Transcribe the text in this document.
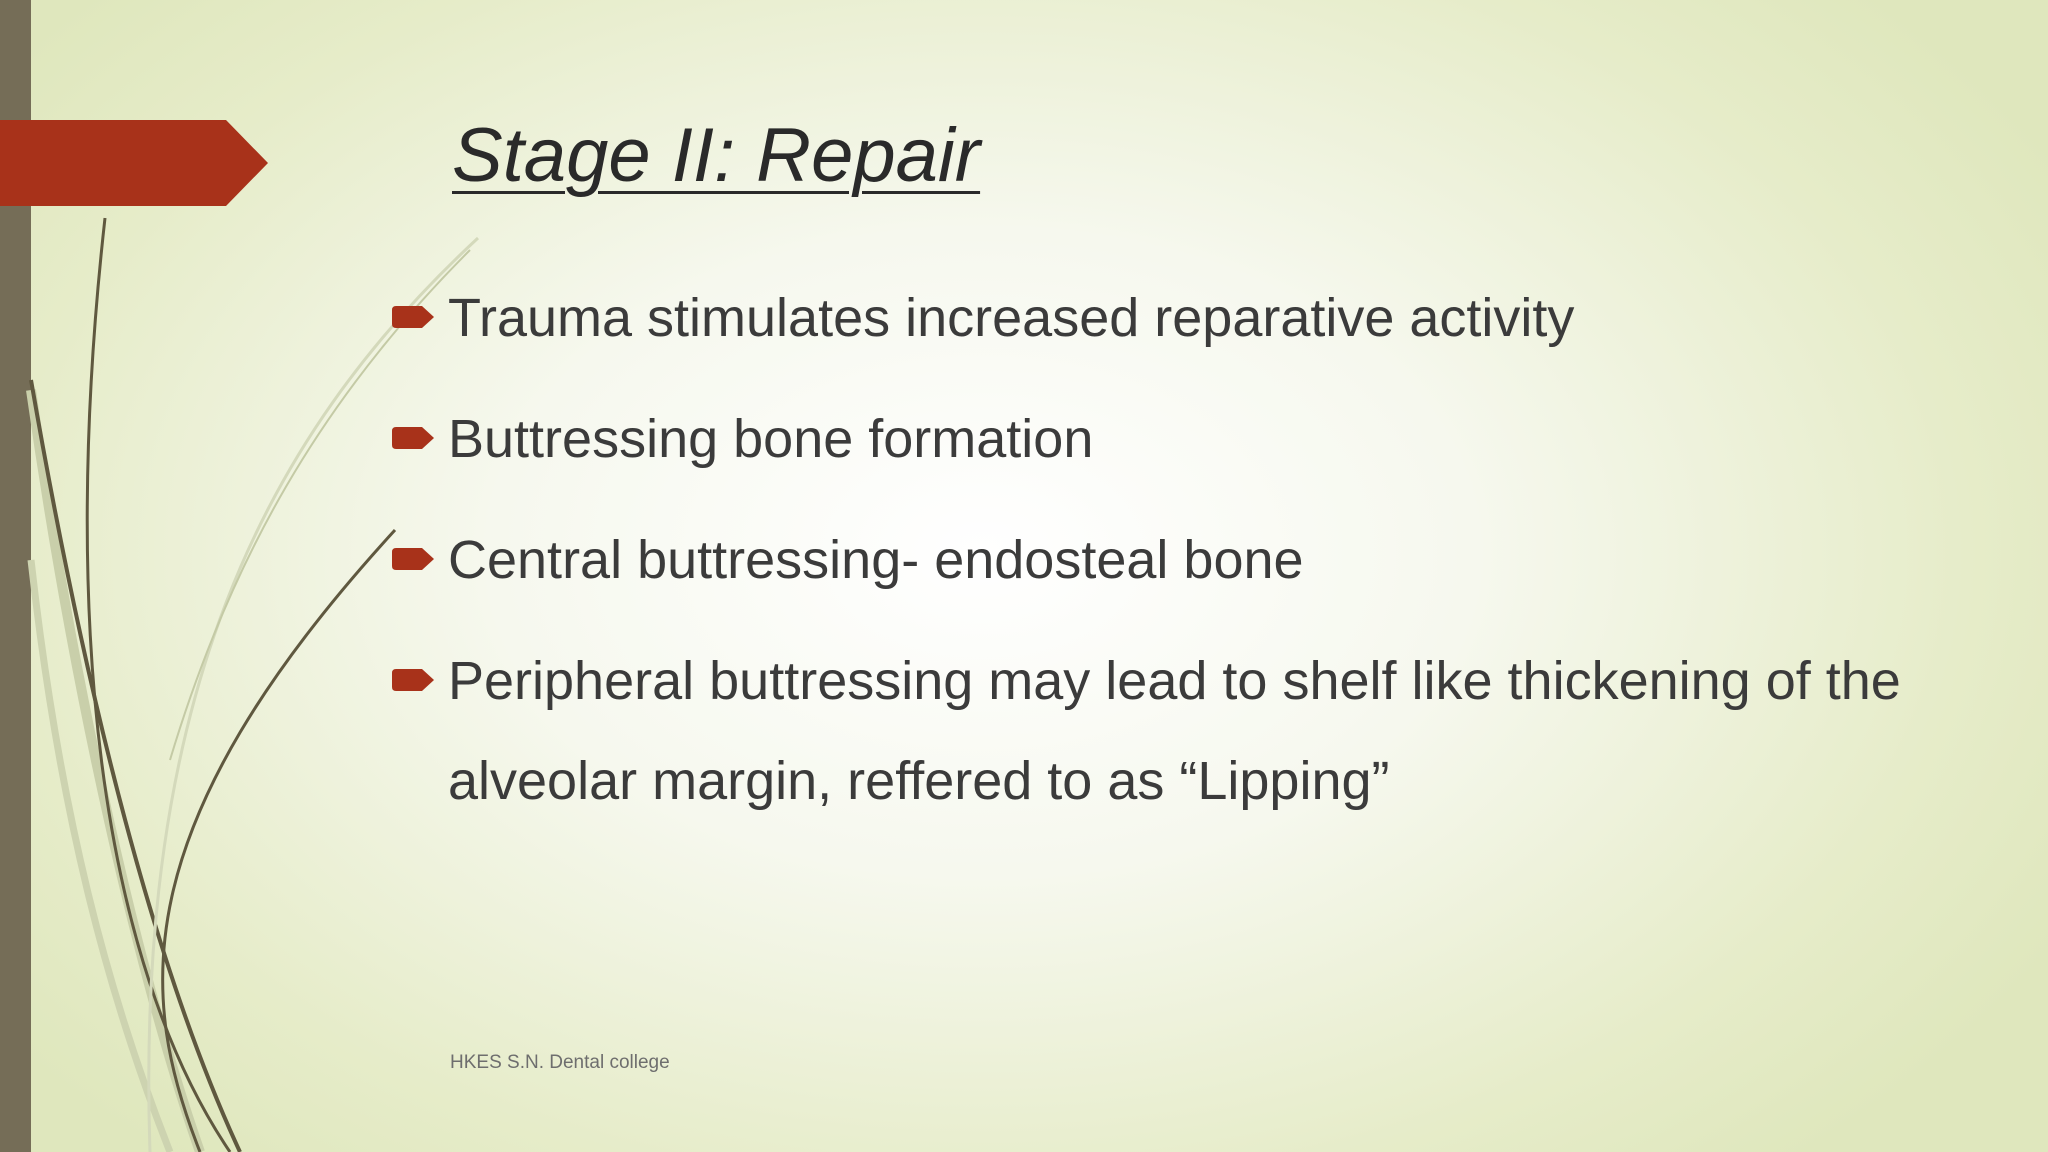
Stage II: Repair
Trauma stimulates increased reparative activity
Buttressing bone formation
Central buttressing- endosteal bone
Peripheral buttressing may lead to shelf like thickening of the alveolar margin, reffered to as “Lipping”
HKES S.N. Dental college
